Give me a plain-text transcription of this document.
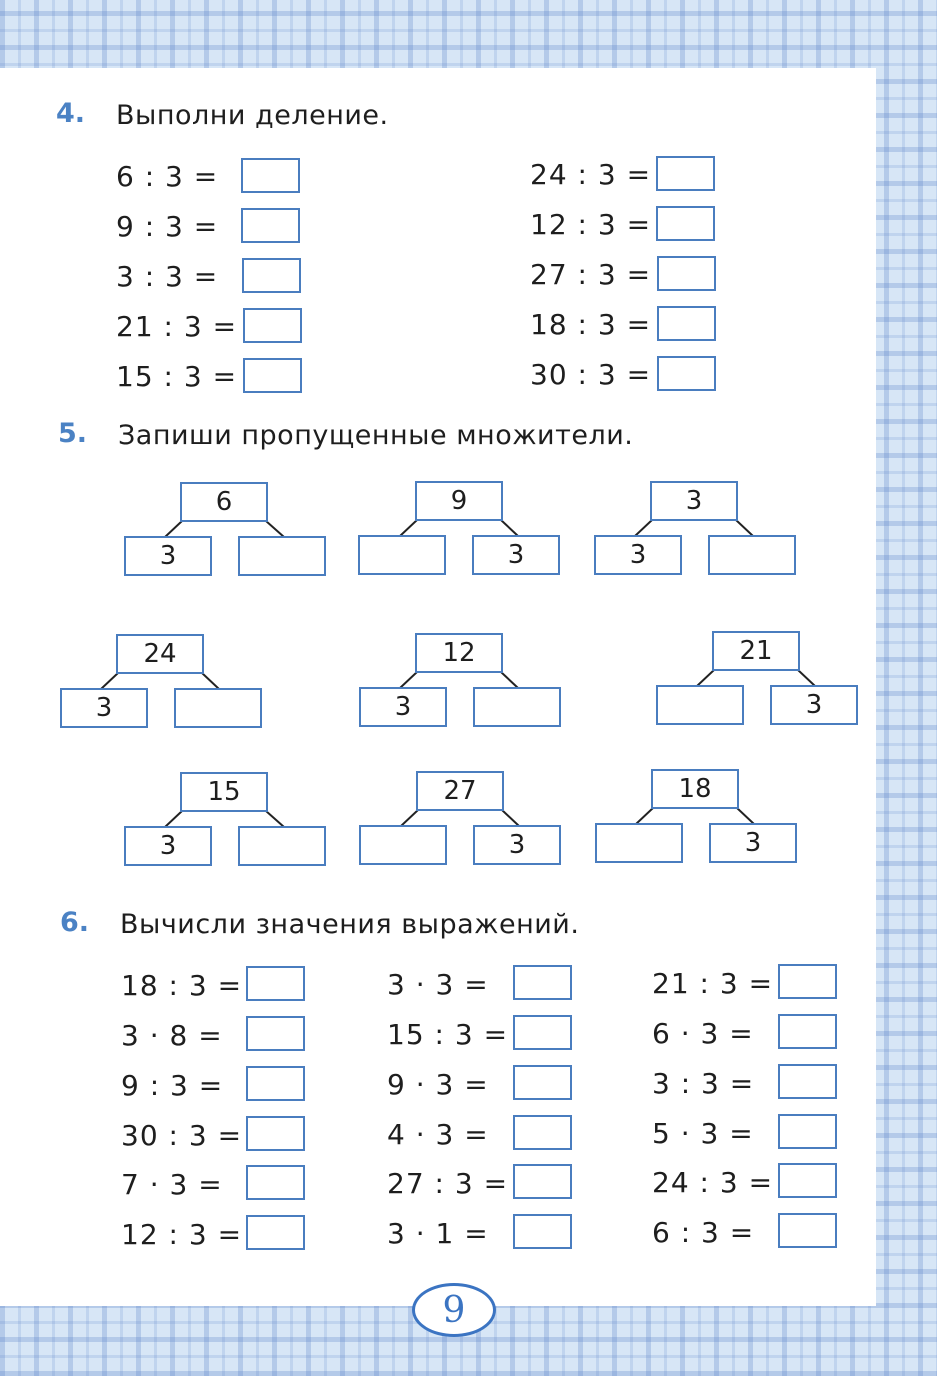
4. Выполни деление.
6 : 3 =
9 : 3 =
3 : 3 =
21 : 3 =
15 : 3 =
24 : 3 =
12 : 3 =
27 : 3 =
18 : 3 =
30 : 3 =
5. Запиши пропущенные множители.
6
3
9
3
3
3
24
3
12
3
21
3
15
3
27
3
18
3
6. Вычисли значения выражений.
18 : 3 =
3 · 8 =
9 : 3 =
30 : 3 =
7 · 3 =
12 : 3 =
3 · 3 =
15 : 3 =
9 · 3 =
4 · 3 =
27 : 3 =
3 · 1 =
21 : 3 =
6 · 3 =
3 : 3 =
5 · 3 =
24 : 3 =
6 : 3 =
9
